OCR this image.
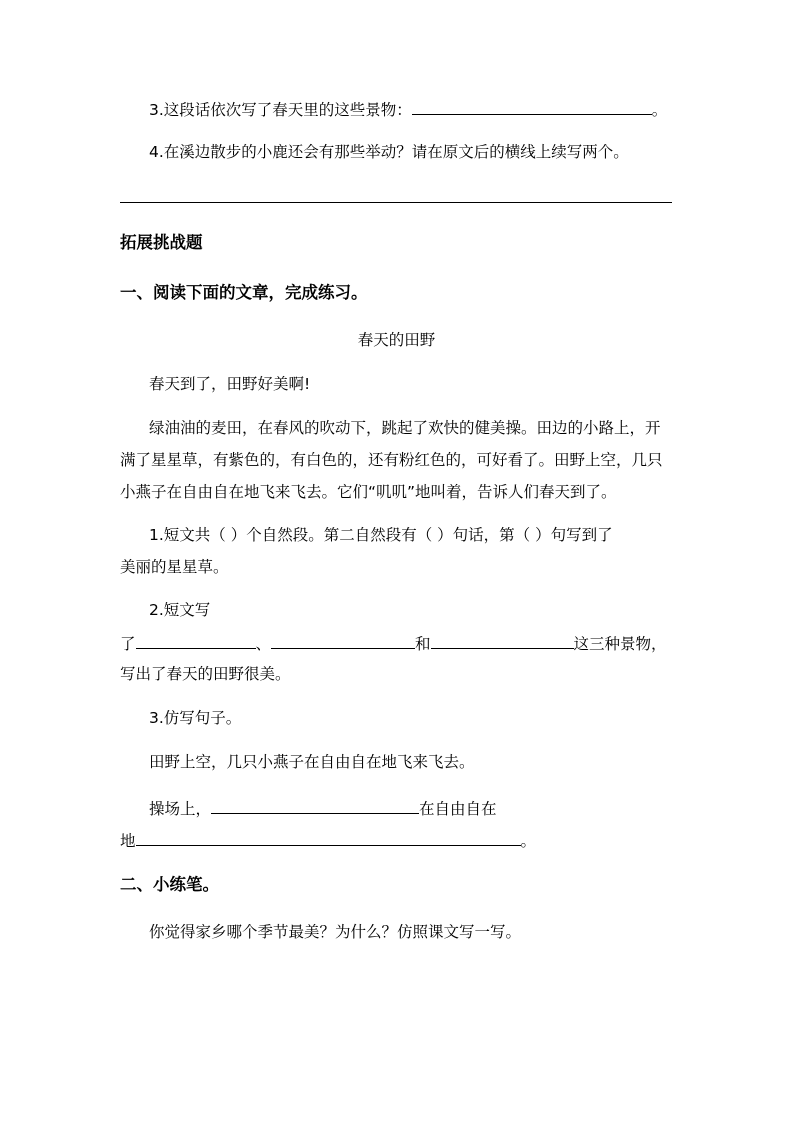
3.这段话依次写了春天里的这些景物：	。
4.在溪边散步的小鹿还会有那些举动？请在原文后的横线上续写两个。
拓展挑战题
一、阅读下面的文章，完成练习。
春天的田野
春天到了，田野好美啊!
绿油油的麦田，在春风的吹动下，跳起了欢快的健美操。田边的小路上，开
满了星星草，有紫色的，有白色的，还有粉红色的，可好看了。田野上空，几只
小燕子在自由自在地飞来飞去。它们“叽叽”地叫着，告诉人们春天到了。
1.短文共（ ）个自然段。第二自然段有（ ）句话，第（ ）句写到了
美丽的星星草。
2.短文写
了	、	和	这三种景物，
写出了春天的田野很美。
3.仿写句子。
田野上空，几只小燕子在自由自在地飞来飞去。
操场上，	在自由自在
地	。
二、小练笔。
你觉得家乡哪个季节最美？为什么？仿照课文写一写。
